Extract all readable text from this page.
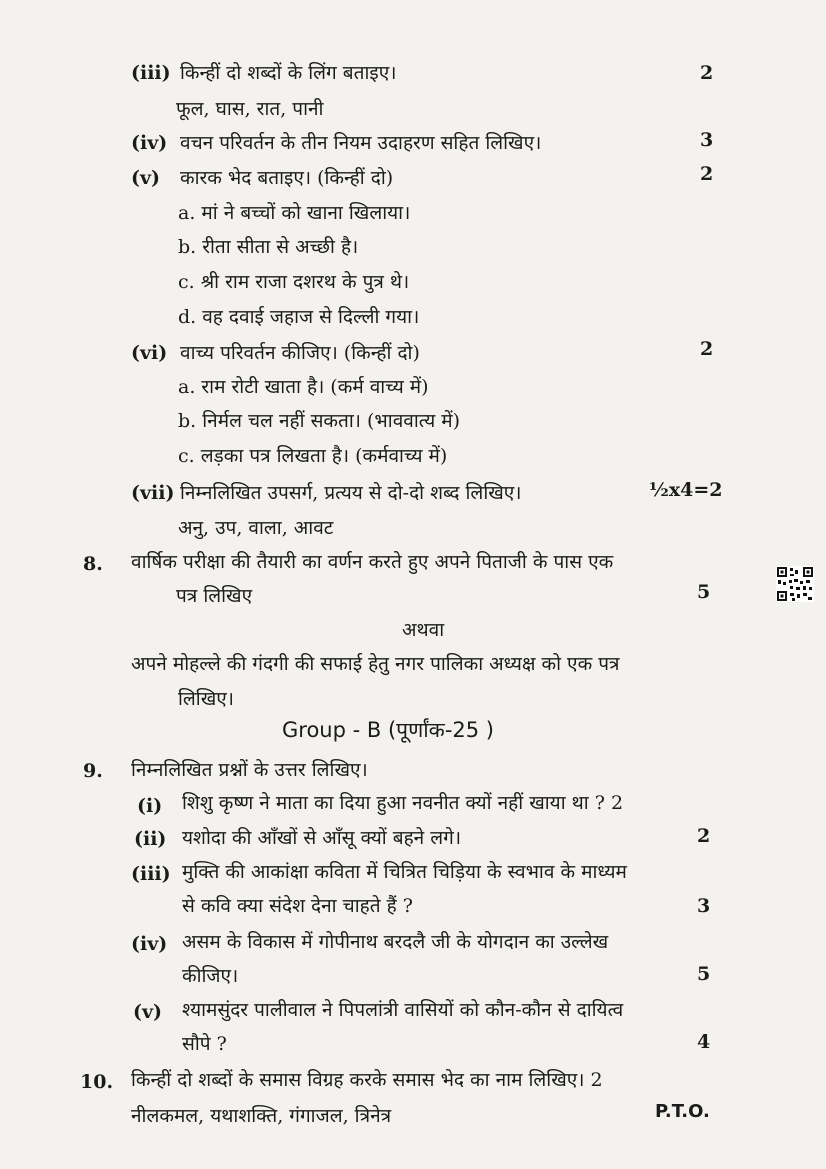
(iii) किन्हीं दो शब्दों के लिंग बताइए।	2
फूल, घास, रात, पानी
(iv) वचन परिवर्तन के तीन नियम उदाहरण सहित लिखिए।	3
(v) कारक भेद बताइए। (किन्हीं दो)	2
a. मां ने बच्चों को खाना खिलाया।
b. रीता सीता से अच्छी है।
c. श्री राम राजा दशरथ के पुत्र थे।
d. वह दवाई जहाज से दिल्ली गया।
(vi) वाच्य परिवर्तन कीजिए। (किन्हीं दो)	2
a. राम रोटी खाता है। (कर्म वाच्य में)
b. निर्मल चल नहीं सकता। (भाववात्य में)
c. लड़का पत्र लिखता है। (कर्मवाच्य में)
(vii) निम्नलिखित उपसर्ग, प्रत्यय से दो-दो शब्द लिखिए।	½x4=2
अनु, उप, वाला, आवट
8. वार्षिक परीक्षा की तैयारी का वर्णन करते हुए अपने पिताजी के पास एक
पत्र लिखिए	5
अथवा
अपने मोहल्ले की गंदगी की सफाई हेतु नगर पालिका अध्यक्ष को एक पत्र
लिखिए।
Group - B (पूर्णांक-25 )
9. निम्नलिखित प्रश्नों के उत्तर लिखिए।
(i) शिशु कृष्ण ने माता का दिया हुआ नवनीत क्यों नहीं खाया था ? 2
(ii) यशोदा की आँखों से आँसू क्यों बहने लगे।	2
(iii) मुक्ति की आकांक्षा कविता में चित्रित चिड़िया के स्वभाव के माध्यम
से कवि क्या संदेश देना चाहते हैं ?	3
(iv) असम के विकास में गोपीनाथ बरदलै जी के योगदान का उल्लेख
कीजिए।	5
(v) श्यामसुंदर पालीवाल ने पिपलांत्री वासियों को कौन-कौन से दायित्व
सौपे ?	4
10. किन्हीं दो शब्दों के समास विग्रह करके समास भेद का नाम लिखिए। 2
नीलकमल, यथाशक्ति, गंगाजल, त्रिनेत्र	P.T.O.
